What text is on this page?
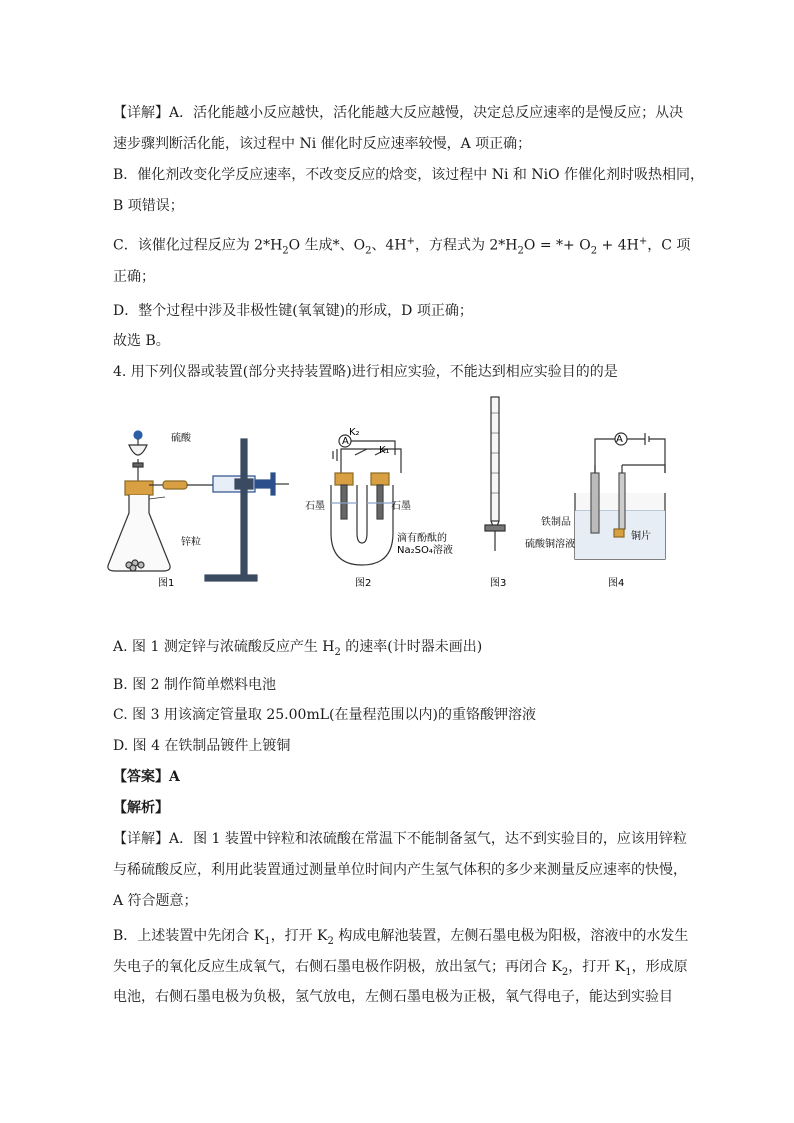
【详解】A．活化能越小反应越快，活化能越大反应越慢，决定总反应速率的是慢反应；从决
速步骤判断活化能，该过程中 Ni 催化时反应速率较慢，A 项正确；
B．催化剂改变化学反应速率，不改变反应的焓变，该过程中 Ni 和 NiO 作催化剂时吸热相同，
B 项错误；
C．该催化过程反应为 $2*H_2O$ 生成*、$O_2$、4H+，方程式为 $2*H_2O$ = *+ $O_2 + 4H^+$，C 项
正确；
D．整个过程中涉及非极性键(氧氧键)的形成，D 项正确；
故选 B。
4. 用下列仪器或装置(部分夹持装置略)进行相应实验，不能达到相应实验目的的是
硫酸
锌粒
图1
K₂
K₁
A
石墨	石墨
滴有酚酞的
Na₂SO₄溶液
图2	图3
A
铁制品
铜片
硫酸铜溶液
图4
A. 图 1 测定锌与浓硫酸反应产生 $H_2$ 的速率(计时器未画出)
B. 图 2 制作简单燃料电池
C. 图 3 用该滴定管量取 25.00mL(在量程范围以内)的重铬酸钾溶液
D. 图 4 在铁制品镀件上镀铜
【答案】A
【解析】
【详解】A．图 1 装置中锌粒和浓硫酸在常温下不能制备氢气，达不到实验目的，应该用锌粒
与稀硫酸反应，利用此装置通过测量单位时间内产生氢气体积的多少来测量反应速率的快慢，
A 符合题意；
B．上述装置中先闭合 $K_1$，打开 $K_2$ 构成电解池装置，左侧石墨电极为阳极，溶液中的水发生
失电子的氧化反应生成氧气，右侧石墨电极作阴极，放出氢气；再闭合 $K_2$，打开 $K_1$，形成原
电池，右侧石墨电极为负极，氢气放电，左侧石墨电极为正极，氧气得电子，能达到实验目
